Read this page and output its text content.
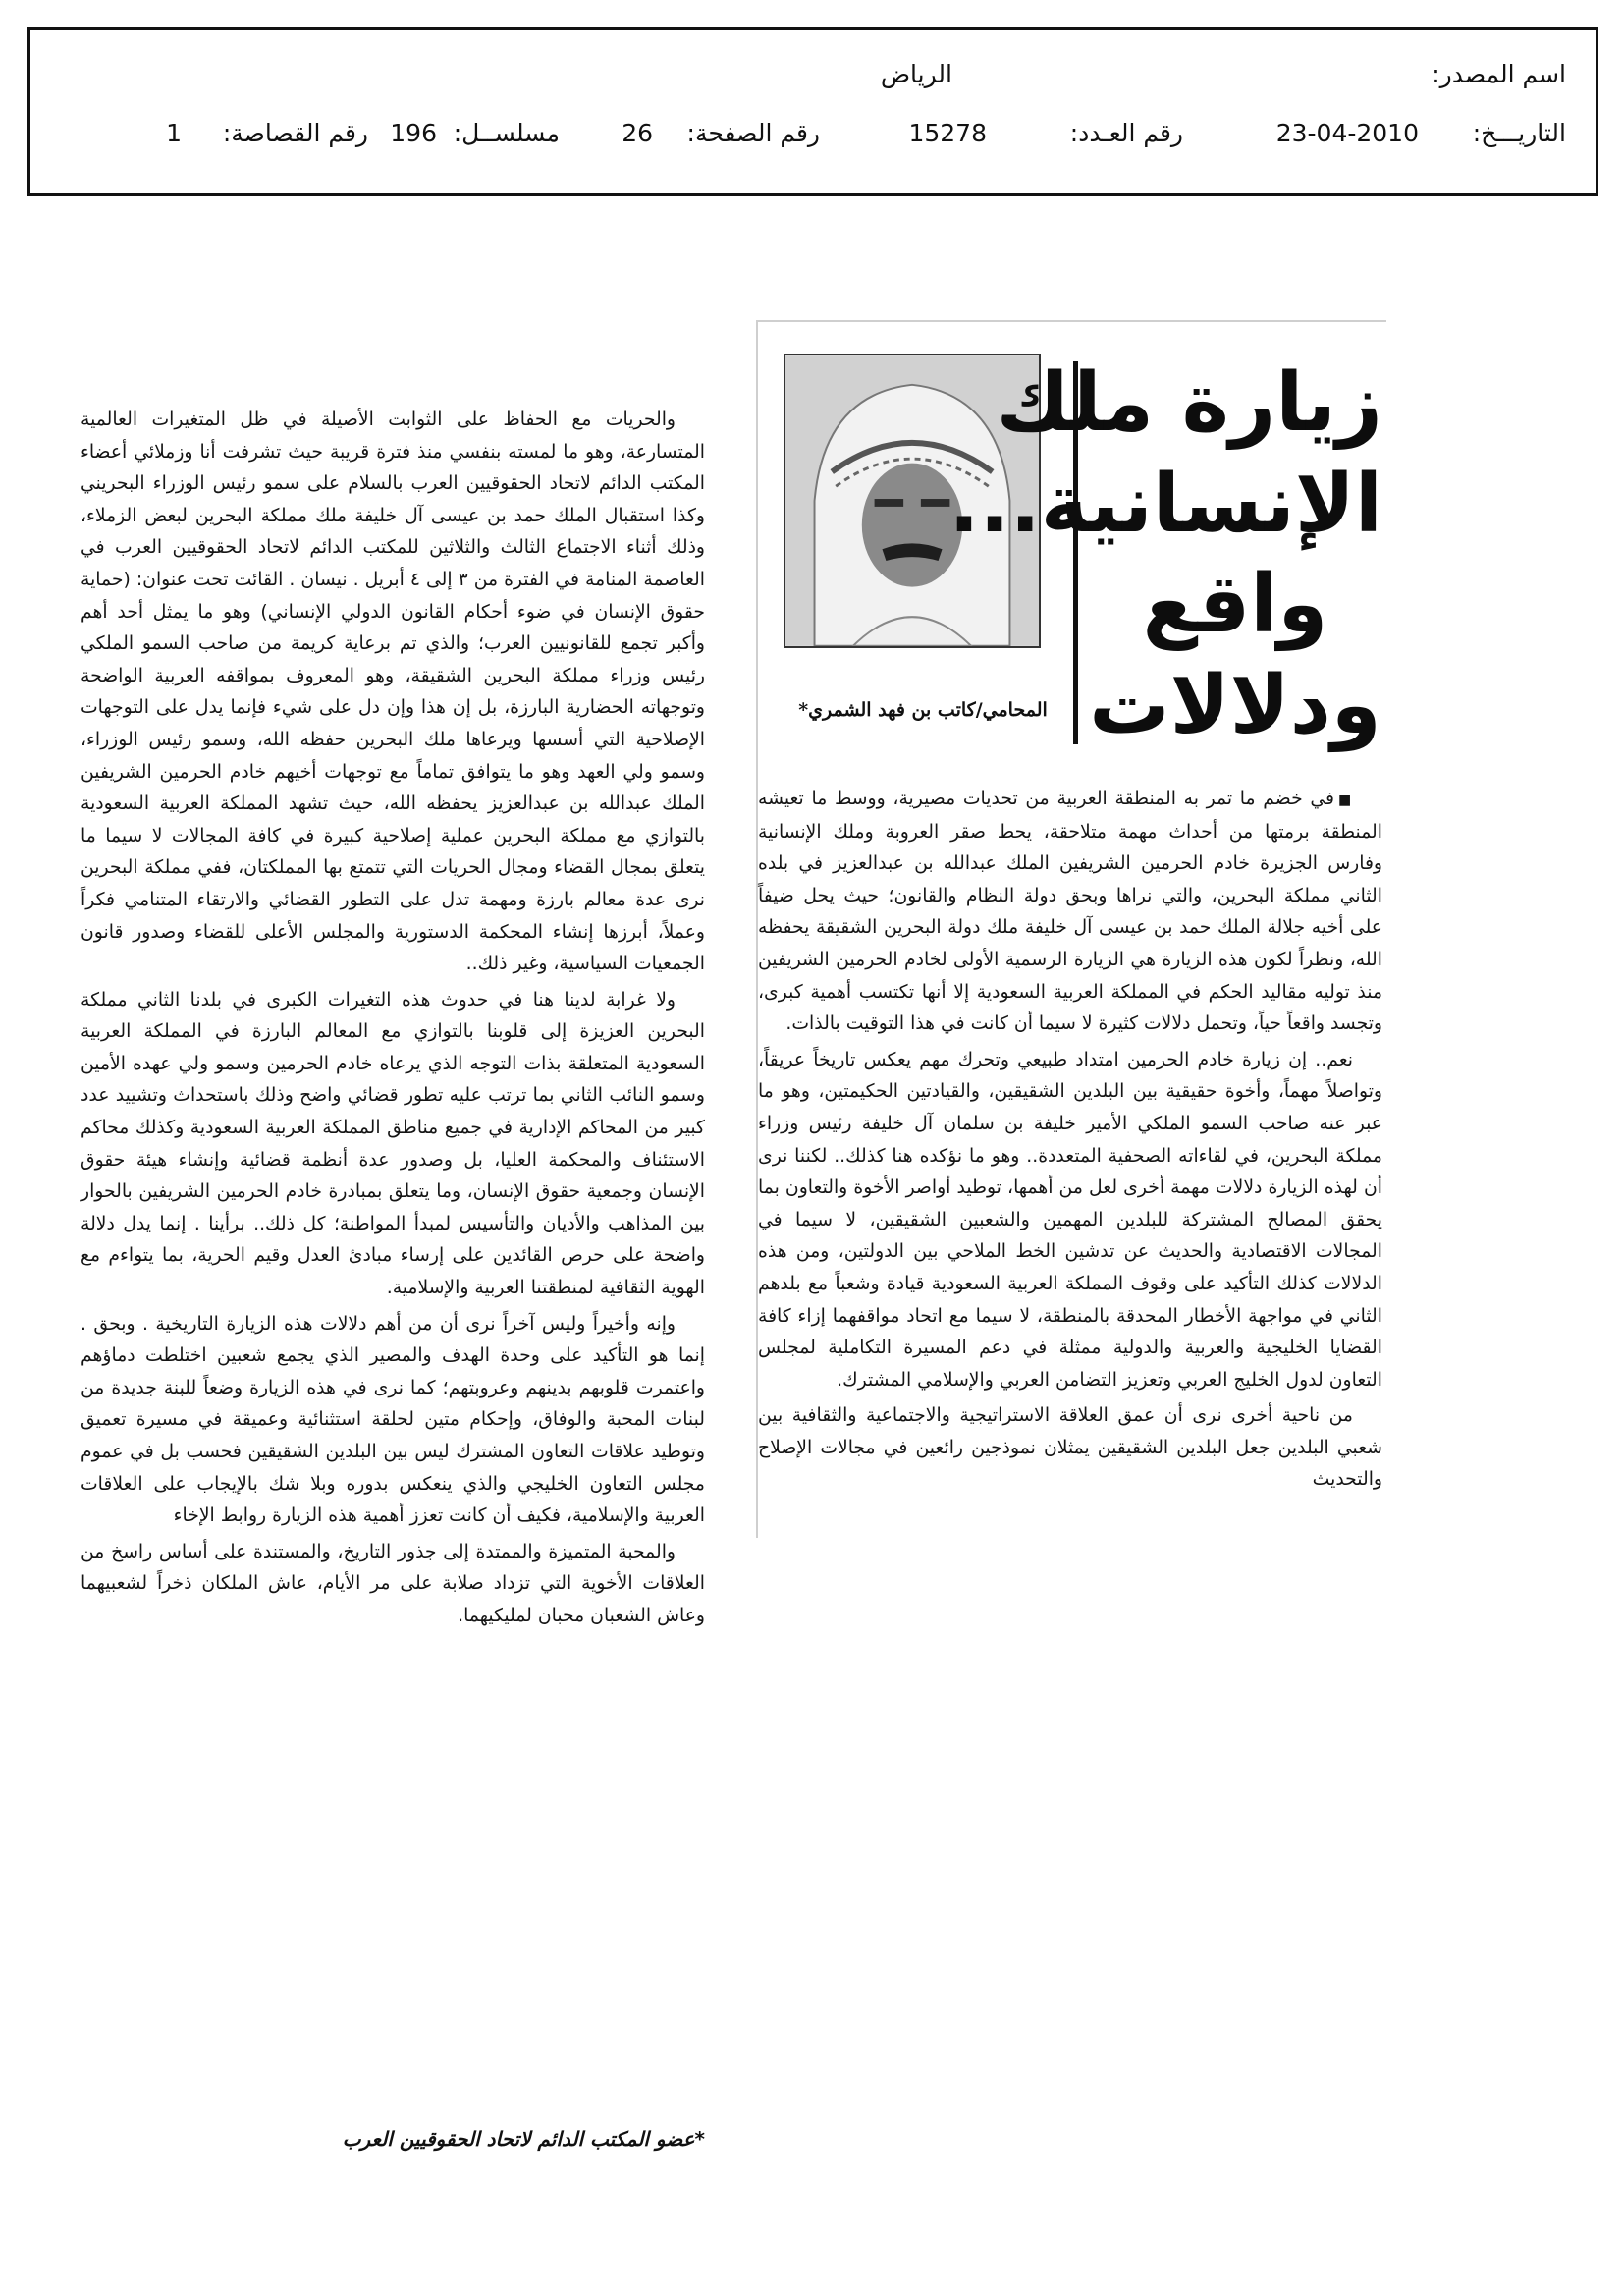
اسم المصدر:
الرياض
التاريـــخ:
23-04-2010
رقم العـدد:
15278
رقم الصفحة:
26
مسلســل:
196
رقم القصاصة:
1
المحامي/كاتب بن فهد الشمري*
زيارة ملك
الإنسانية...
واقع
ودلالات

■في خضم ما تمر به المنطقة العربية من تحديات مصيرية، ووسط ما تعيشه المنطقة برمتها من أحداث مهمة متلاحقة، يحط صقر العروبة وملك الإنسانية وفارس الجزيرة خادم الحرمين الشريفين الملك عبدالله بن عبدالعزيز في بلده الثاني مملكة البحرين، والتي نراها وبحق دولة النظام والقانون؛ حيث يحل ضيفاً على أخيه جلالة الملك حمد بن عيسى آل خليفة ملك دولة البحرين الشقيقة يحفظه الله، ونظراً لكون هذه الزيارة هي الزيارة الرسمية الأولى لخادم الحرمين الشريفين منذ توليه مقاليد الحكم في المملكة العربية السعودية إلا أنها تكتسب أهمية كبرى، وتجسد واقعاً حياً، وتحمل دلالات كثيرة لا سيما أن كانت في هذا التوقيت بالذات.

نعم.. إن زيارة خادم الحرمين امتداد طبيعي وتحرك مهم يعكس تاريخاً عريقاً، وتواصلاً مهماً، وأخوة حقيقية بين البلدين الشقيقين، والقيادتين الحكيمتين، وهو ما عبر عنه صاحب السمو الملكي الأمير خليفة بن سلمان آل خليفة رئيس وزراء مملكة البحرين، في لقاءاته الصحفية المتعددة.. وهو ما نؤكده هنا كذلك.. لكننا نرى أن لهذه الزيارة دلالات مهمة أخرى لعل من أهمها، توطيد أواصر الأخوة والتعاون بما يحقق المصالح المشتركة للبلدين المهمين والشعبين الشقيقين، لا سيما في المجالات الاقتصادية والحديث عن تدشين الخط الملاحي بين الدولتين، ومن هذه الدلالات كذلك التأكيد على وقوف المملكة العربية السعودية قيادة وشعباً مع بلدهم الثاني في مواجهة الأخطار المحدقة بالمنطقة، لا سيما مع اتحاد مواقفهما إزاء كافة القضايا الخليجية والعربية والدولية ممثلة في دعم المسيرة التكاملية لمجلس التعاون لدول الخليج العربي وتعزيز التضامن العربي والإسلامي المشترك.

من ناحية أخرى نرى أن عمق العلاقة الاستراتيجية والاجتماعية والثقافية بين شعبي البلدين جعل البلدين الشقيقين يمثلان نموذجين رائعين في مجالات الإصلاح والتحديث

والحريات مع الحفاظ على الثوابت الأصيلة في ظل المتغيرات العالمية المتسارعة، وهو ما لمسته بنفسي منذ فترة قريبة حيث تشرفت أنا وزملائي أعضاء المكتب الدائم لاتحاد الحقوقيين العرب بالسلام على سمو رئيس الوزراء البحريني وكذا استقبال الملك حمد بن عيسى آل خليفة ملك مملكة البحرين لبعض الزملاء، وذلك أثناء الاجتماع الثالث والثلاثين للمكتب الدائم لاتحاد الحقوقيين العرب في العاصمة المنامة في الفترة من ٣ إلى ٤ أبريل . نيسان . القائت تحت عنوان: (حماية حقوق الإنسان في ضوء أحكام القانون الدولي الإنساني) وهو ما يمثل أحد أهم وأكبر تجمع للقانونيين العرب؛ والذي تم برعاية كريمة من صاحب السمو الملكي رئيس وزراء مملكة البحرين الشقيقة، وهو المعروف بمواقفه العربية الواضحة وتوجهاته الحضارية البارزة، بل إن هذا وإن دل على شيء فإنما يدل على التوجهات الإصلاحية التي أسسها ويرعاها ملك البحرين حفظه الله، وسمو رئيس الوزراء، وسمو ولي العهد وهو ما يتوافق تماماً مع توجهات أخيهم خادم الحرمين الشريفين الملك عبدالله بن عبدالعزيز يحفظه الله، حيث تشهد المملكة العربية السعودية بالتوازي مع مملكة البحرين عملية إصلاحية كبيرة في كافة المجالات لا سيما ما يتعلق بمجال القضاء ومجال الحريات التي تتمتع بها المملكتان، ففي مملكة البحرين نرى عدة معالم بارزة ومهمة تدل على التطور القضائي والارتقاء المتنامي فكراً وعملاً، أبرزها إنشاء المحكمة الدستورية والمجلس الأعلى للقضاء وصدور قانون الجمعيات السياسية، وغير ذلك..

ولا غرابة لدينا هنا في حدوث هذه التغيرات الكبرى في بلدنا الثاني مملكة البحرين العزيزة إلى قلوبنا بالتوازي مع المعالم البارزة في المملكة العربية السعودية المتعلقة بذات التوجه الذي يرعاه خادم الحرمين وسمو ولي عهده الأمين وسمو النائب الثاني بما ترتب عليه تطور قضائي واضح وذلك باستحداث وتشييد عدد كبير من المحاكم الإدارية في جميع مناطق المملكة العربية السعودية وكذلك محاكم الاستئناف والمحكمة العليا، بل وصدور عدة أنظمة قضائية وإنشاء هيئة حقوق الإنسان وجمعية حقوق الإنسان، وما يتعلق بمبادرة خادم الحرمين الشريفين بالحوار بين المذاهب والأديان والتأسيس لمبدأ المواطنة؛ كل ذلك.. برأينا . إنما يدل دلالة واضحة على حرص القائدين على إرساء مبادئ العدل وقيم الحرية، بما يتواءم مع الهوية الثقافية لمنطقتنا العربية والإسلامية.

وإنه وأخيراً وليس آخراً نرى أن من أهم دلالات هذه الزيارة التاريخية . وبحق . إنما هو التأكيد على وحدة الهدف والمصير الذي يجمع شعبين اختلطت دماؤهم واعتمرت قلوبهم بدينهم وعروبتهم؛ كما نرى في هذه الزيارة وضعاً للبنة جديدة من لبنات المحبة والوفاق، وإحكام متين لحلقة استثنائية وعميقة في مسيرة تعميق وتوطيد علاقات التعاون المشترك ليس بين البلدين الشقيقين فحسب بل في عموم مجلس التعاون الخليجي والذي ينعكس بدوره وبلا شك بالإيجاب على العلاقات العربية والإسلامية، فكيف أن كانت تعزز أهمية هذه الزيارة روابط الإخاء

والمحبة المتميزة والممتدة إلى جذور التاريخ، والمستندة على أساس راسخ من العلاقات الأخوية التي تزداد صلابة على مر الأيام، عاش الملكان ذخراً لشعبيهما وعاش الشعبان محبان لمليكيهما.

*عضو المكتب الدائم لاتحاد الحقوقيين العرب
